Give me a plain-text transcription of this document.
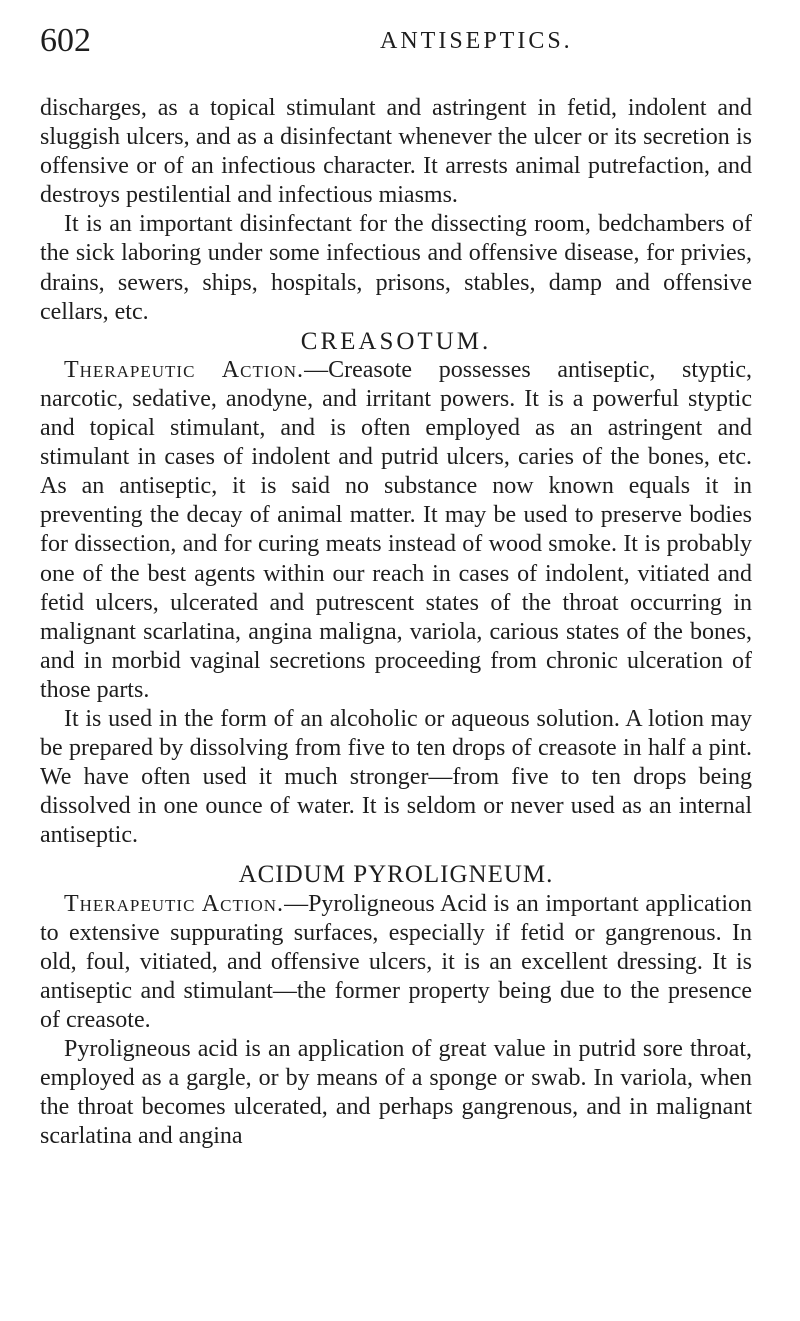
602	ANTISEPTICS.

discharges, as a topical stimulant and astringent in fetid, indolent and sluggish ulcers, and as a disinfectant whenever the ulcer or its secretion is offensive or of an infectious character. It arrests animal putrefaction, and destroys pestilential and infectious miasms.

It is an important disinfectant for the dissecting room, bedchambers of the sick laboring under some infectious and offensive disease, for privies, drains, sewers, ships, hospitals, prisons, stables, damp and offensive cellars, etc.

CREASOTUM.

Therapeutic Action.—Creasote possesses antiseptic, styptic, narcotic, sedative, anodyne, and irritant powers. It is a powerful styptic and topical stimulant, and is often employed as an astringent and stimulant in cases of indolent and putrid ulcers, caries of the bones, etc. As an antiseptic, it is said no substance now known equals it in preventing the decay of animal matter. It may be used to preserve bodies for dissection, and for curing meats instead of wood smoke. It is probably one of the best agents within our reach in cases of indolent, vitiated and fetid ulcers, ulcerated and putrescent states of the throat occurring in malignant scarlatina, angina maligna, variola, carious states of the bones, and in morbid vaginal secretions proceeding from chronic ulceration of those parts.

It is used in the form of an alcoholic or aqueous solution. A lotion may be prepared by dissolving from five to ten drops of creasote in half a pint. We have often used it much stronger—from five to ten drops being dissolved in one ounce of water. It is seldom or never used as an internal antiseptic.

ACIDUM PYROLIGNEUM.

Therapeutic Action.—Pyroligneous Acid is an important application to extensive suppurating surfaces, especially if fetid or gangrenous. In old, foul, vitiated, and offensive ulcers, it is an excellent dressing. It is antiseptic and stimulant—the former property being due to the presence of creasote.

Pyroligneous acid is an application of great value in putrid sore throat, employed as a gargle, or by means of a sponge or swab. In variola, when the throat becomes ulcerated, and perhaps gangrenous, and in malignant scarlatina and angina
